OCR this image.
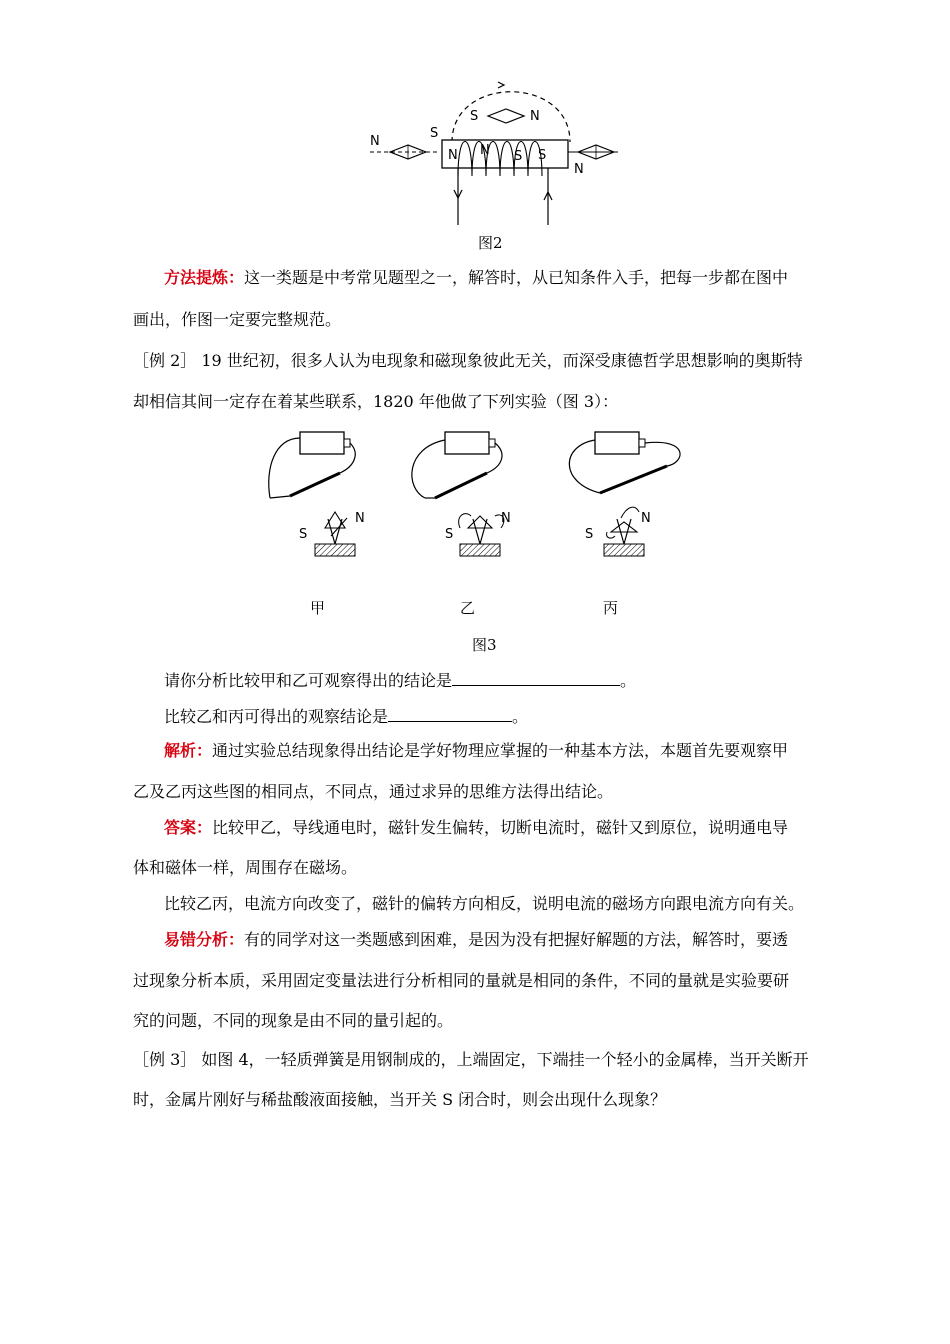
N
S
S	N
N N S S
N
图2
方法提炼：这一类题是中考常见题型之一，解答时，从已知条件入手，把每一步都在图中
画出，作图一定要完整规范。
［例 2］ 19 世纪初，很多人认为电现象和磁现象彼此无关，而深受康德哲学思想影响的奥斯特
却相信其间一定存在着某些联系，1820 年他做了下列实验（图 3）：
S
N
S
N
S
N
甲	乙	丙
图3
请你分析比较甲和乙可观察得出的结论是	。
比较乙和丙可得出的观察结论是	。
解析：通过实验总结现象得出结论是学好物理应掌握的一种基本方法，本题首先要观察甲
乙及乙丙这些图的相同点，不同点，通过求异的思维方法得出结论。
答案：比较甲乙，导线通电时，磁针发生偏转，切断电流时，磁针又到原位，说明通电导
体和磁体一样，周围存在磁场。
比较乙丙，电流方向改变了，磁针的偏转方向相反，说明电流的磁场方向跟电流方向有关。
易错分析：有的同学对这一类题感到困难，是因为没有把握好解题的方法，解答时，要透
过现象分析本质，采用固定变量法进行分析相同的量就是相同的条件，不同的量就是实验要研
究的问题，不同的现象是由不同的量引起的。
［例 3］ 如图 4，一轻质弹簧是用钢制成的，上端固定，下端挂一个轻小的金属棒，当开关断开
时，金属片刚好与稀盐酸液面接触，当开关 S 闭合时，则会出现什么现象？
